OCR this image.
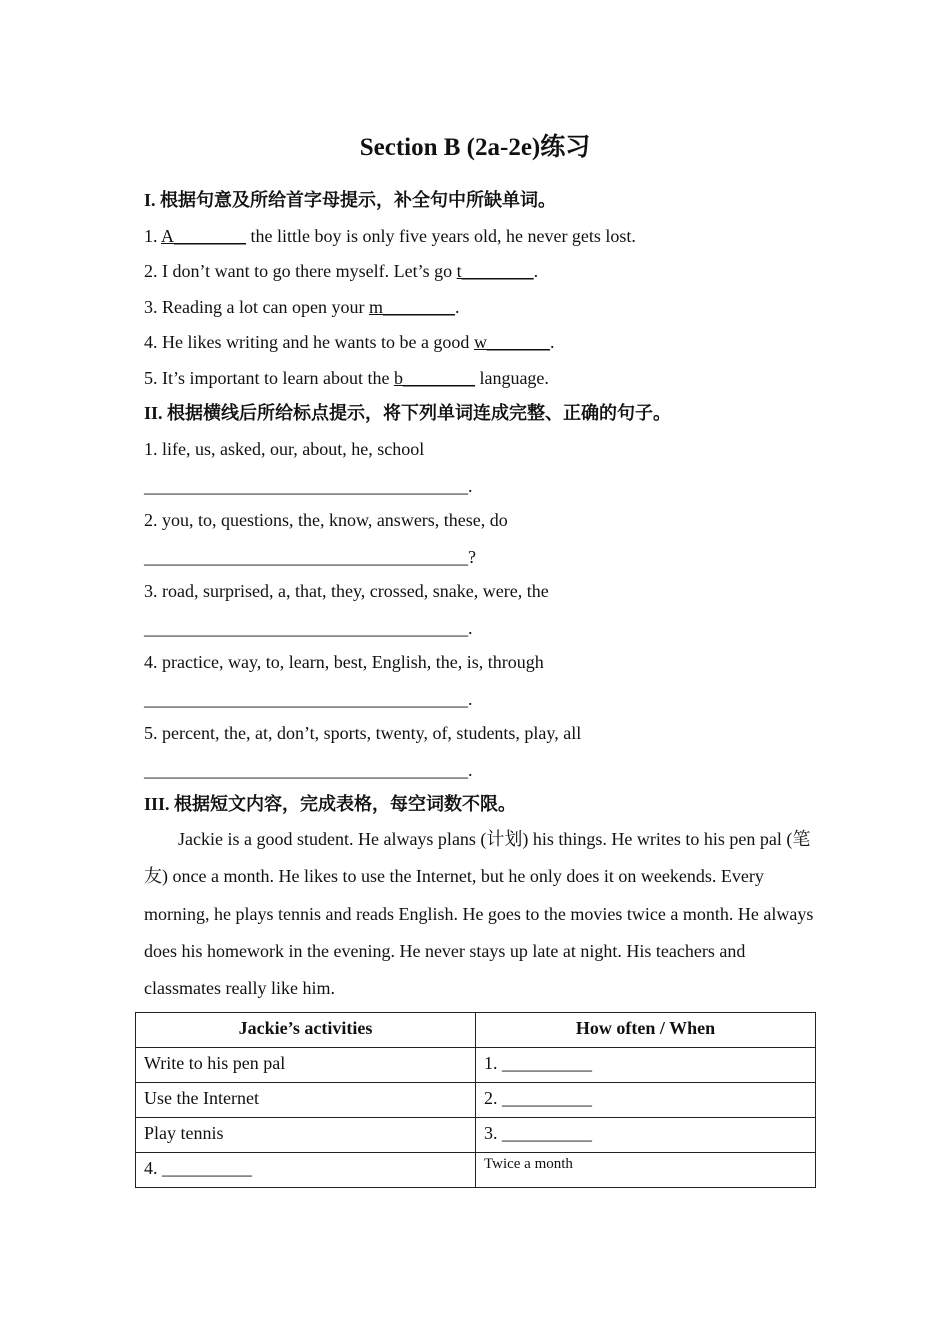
Section B (2a-2e)练习
I. 根据句意及所给首字母提示，补全句中所缺单词。
1. A________ the little boy is only five years old, he never gets lost.
2. I don’t want to go there myself. Let’s go t________.
3. Reading a lot can open your m________.
4. He likes writing and he wants to be a good w_______.
5. It’s important to learn about the b________ language.
II. 根据横线后所给标点提示，将下列单词连成完整、正确的句子。
1. life, us, asked, our, about, he, school
____________________________________.
2. you, to, questions, the, know, answers, these, do
____________________________________?
3. road, surprised, a, that, they, crossed, snake, were, the
____________________________________.
4. practice, way, to, learn, best, English, the, is, through
____________________________________.
5. percent, the, at, don’t, sports, twenty, of, students, play, all
____________________________________.
III. 根据短文内容，完成表格，每空词数不限。
Jackie is a good student. He always plans (计划) his things. He writes to his pen pal (笔友) once a month. He likes to use the Internet, but he only does it on weekends. Every morning, he plays tennis and reads English. He goes to the movies twice a month. He always does his homework in the evening. He never stays up late at night. His teachers and classmates really like him.
Jackie’s activities	How often / When
Write to his pen pal	1. __________
Use the Internet	2. __________
Play tennis	3. __________
4. __________	Twice a month
